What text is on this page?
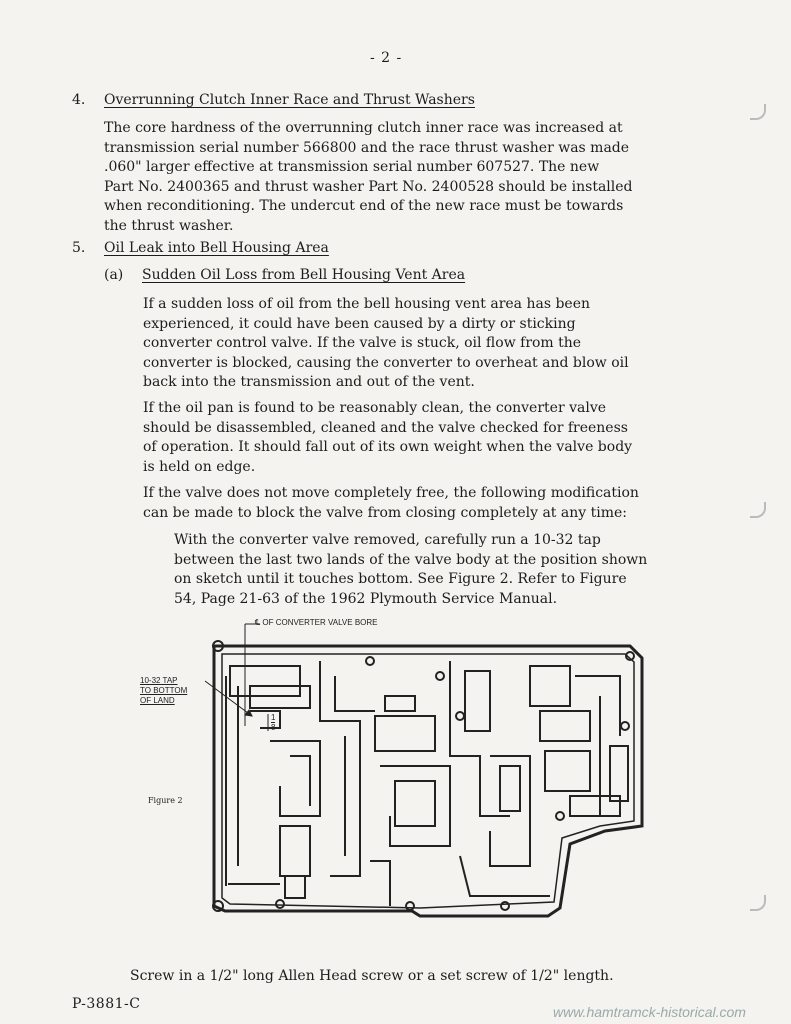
- 2 -
4. Overrunning Clutch Inner Race and Thrust Washers
The core hardness of the overrunning clutch inner race was increased at
transmission serial number 566800 and the race thrust washer was made
.060" larger effective at transmission serial number 607527. The new
Part No. 2400365 and thrust washer Part No. 2400528 should be installed
when reconditioning. The undercut end of the new race must be towards
the thrust washer.
5. Oil Leak into Bell Housing Area
(a) Sudden Oil Loss from Bell Housing Vent Area
If a sudden loss of oil from the bell housing vent area has been
experienced, it could have been caused by a dirty or sticking
converter control valve. If the valve is stuck, oil flow from the
converter is blocked, causing the converter to overheat and blow oil
back into the transmission and out of the vent.
If the oil pan is found to be reasonably clean, the converter valve
should be disassembled, cleaned and the valve checked for freeness
of operation. It should fall out of its own weight when the valve body
is held on edge.
If the valve does not move completely free, the following modification
can be made to block the valve from closing completely at any time:
With the converter valve removed, carefully run a 10-32 tap
between the last two lands of the valve body at the position shown
on sketch until it touches bottom. See Figure 2. Refer to Figure
54, Page 21-63 of the 1962 Plymouth Service Manual.
℄ OF CONVERTER VALVE BORE
10-32 TAP
TO BOTTOM
OF LAND
$\frac{1}{8}$
Figure 2
Screw in a 1/2" long Allen Head screw or a set screw of 1/2" length.
P-3881-C	www.hamtramck-historical.com
